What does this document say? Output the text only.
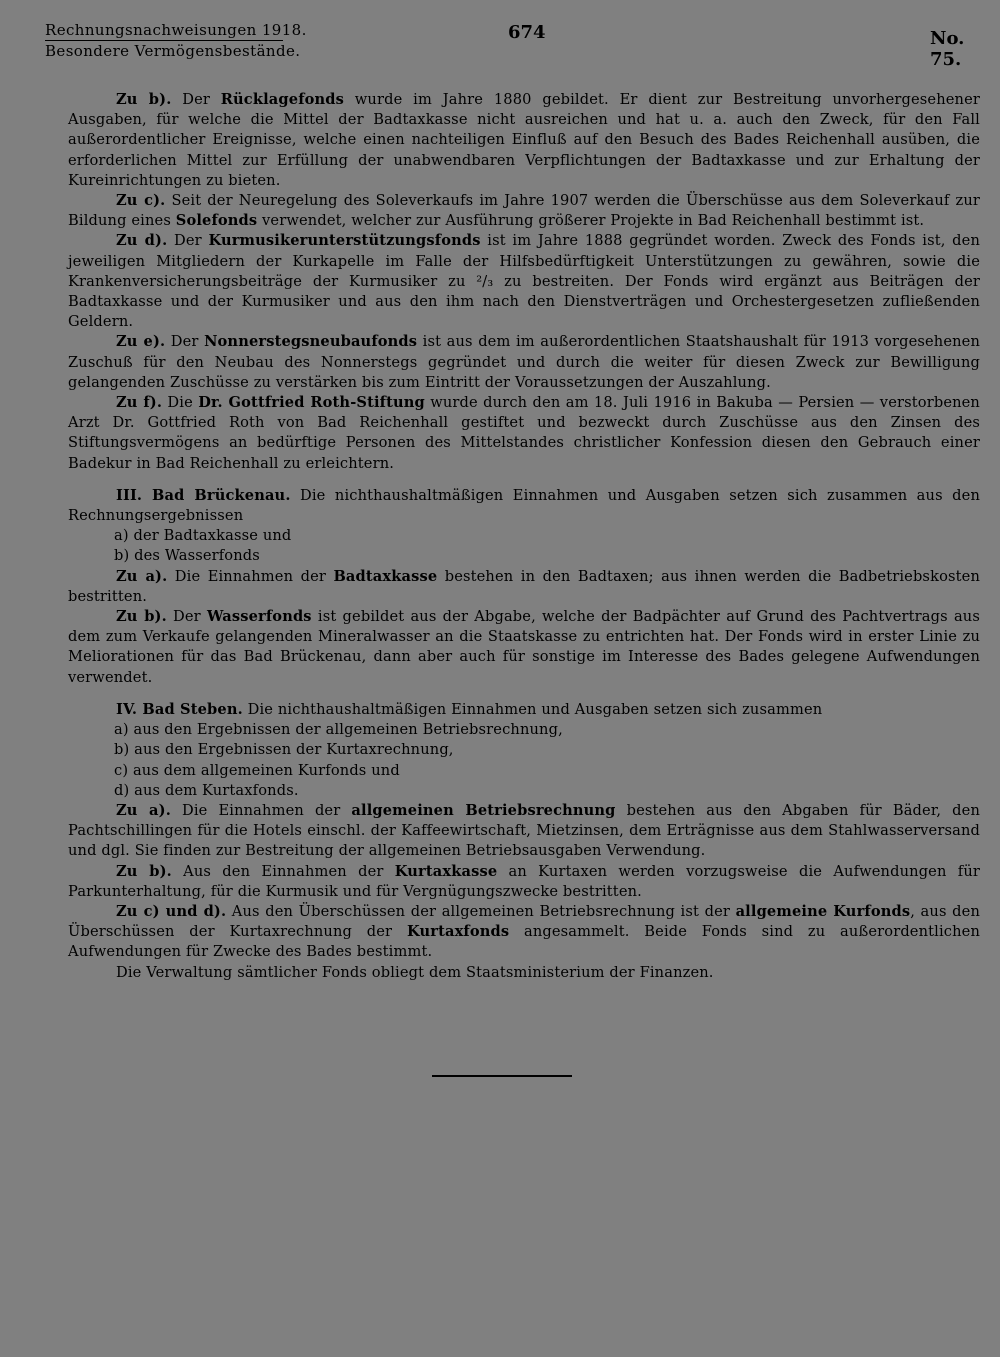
Rechnungsnachweisungen 1918.
Besondere Vermögensbestände.
674	No. 75.

Zu b). Der Rücklagefonds wurde im Jahre 1880 gebildet. Er dient zur Bestreitung unvorhergesehener Ausgaben, für welche die Mittel der Badtaxkasse nicht ausreichen und hat u. a. auch den Zweck, für den Fall außerordentlicher Ereignisse, welche einen nachteiligen Einfluß auf den Besuch des Bades Reichenhall ausüben, die erforderlichen Mittel zur Erfüllung der unabwendbaren Verpflichtungen der Badtaxkasse und zur Erhaltung der Kureinrichtungen zu bieten.

Zu c). Seit der Neuregelung des Soleverkaufs im Jahre 1907 werden die Überschüsse aus dem Soleverkauf zur Bildung eines Solefonds verwendet, welcher zur Ausführung größerer Projekte in Bad Reichenhall bestimmt ist.

Zu d). Der Kurmusikerunterstützungsfonds ist im Jahre 1888 gegründet worden. Zweck des Fonds ist, den jeweiligen Mitgliedern der Kurkapelle im Falle der Hilfsbedürftigkeit Unterstützungen zu gewähren, sowie die Krankenversicherungsbeiträge der Kurmusiker zu ²/₃ zu bestreiten. Der Fonds wird ergänzt aus Beiträgen der Badtaxkasse und der Kurmusiker und aus den ihm nach den Dienstverträgen und Orchestergesetzen zufließenden Geldern.

Zu e). Der Nonnerstegsneubaufonds ist aus dem im außerordentlichen Staatshaushalt für 1913 vorgesehenen Zuschuß für den Neubau des Nonnerstegs gegründet und durch die weiter für diesen Zweck zur Bewilligung gelangenden Zuschüsse zu verstärken bis zum Eintritt der Voraussetzungen der Auszahlung.

Zu f). Die Dr. Gottfried Roth-Stiftung wurde durch den am 18. Juli 1916 in Bakuba — Persien — verstorbenen Arzt Dr. Gottfried Roth von Bad Reichenhall gestiftet und bezweckt durch Zuschüsse aus den Zinsen des Stiftungsvermögens an bedürftige Personen des Mittelstandes christlicher Konfession diesen den Gebrauch einer Badekur in Bad Reichenhall zu erleichtern.

III. Bad Brückenau. Die nichthaushaltmäßigen Einnahmen und Ausgaben setzen sich zusammen aus den Rechnungsergebnissen

a) der Badtaxkasse und

b) des Wasserfonds

Zu a). Die Einnahmen der Badtaxkasse bestehen in den Badtaxen; aus ihnen werden die Badbetriebskosten bestritten.

Zu b). Der Wasserfonds ist gebildet aus der Abgabe, welche der Badpächter auf Grund des Pachtvertrags aus dem zum Verkaufe gelangenden Mineralwasser an die Staatskasse zu entrichten hat. Der Fonds wird in erster Linie zu Meliorationen für das Bad Brückenau, dann aber auch für sonstige im Interesse des Bades gelegene Aufwendungen verwendet.

IV. Bad Steben. Die nichthaushaltmäßigen Einnahmen und Ausgaben setzen sich zusammen

a) aus den Ergebnissen der allgemeinen Betriebsrechnung,

b) aus den Ergebnissen der Kurtaxrechnung,

c) aus dem allgemeinen Kurfonds und

d) aus dem Kurtaxfonds.

Zu a). Die Einnahmen der allgemeinen Betriebsrechnung bestehen aus den Abgaben für Bäder, den Pachtschillingen für die Hotels einschl. der Kaffeewirtschaft, Mietzinsen, dem Erträgnisse aus dem Stahlwasserversand und dgl. Sie finden zur Bestreitung der allgemeinen Betriebsausgaben Verwendung.

Zu b). Aus den Einnahmen der Kurtaxkasse an Kurtaxen werden vorzugsweise die Aufwendungen für Parkunterhaltung, für die Kurmusik und für Vergnügungszwecke bestritten.

Zu c) und d). Aus den Überschüssen der allgemeinen Betriebsrechnung ist der allgemeine Kurfonds, aus den Überschüssen der Kurtaxrechnung der Kurtaxfonds angesammelt. Beide Fonds sind zu außerordentlichen Aufwendungen für Zwecke des Bades bestimmt.

Die Verwaltung sämtlicher Fonds obliegt dem Staatsministerium der Finanzen.
